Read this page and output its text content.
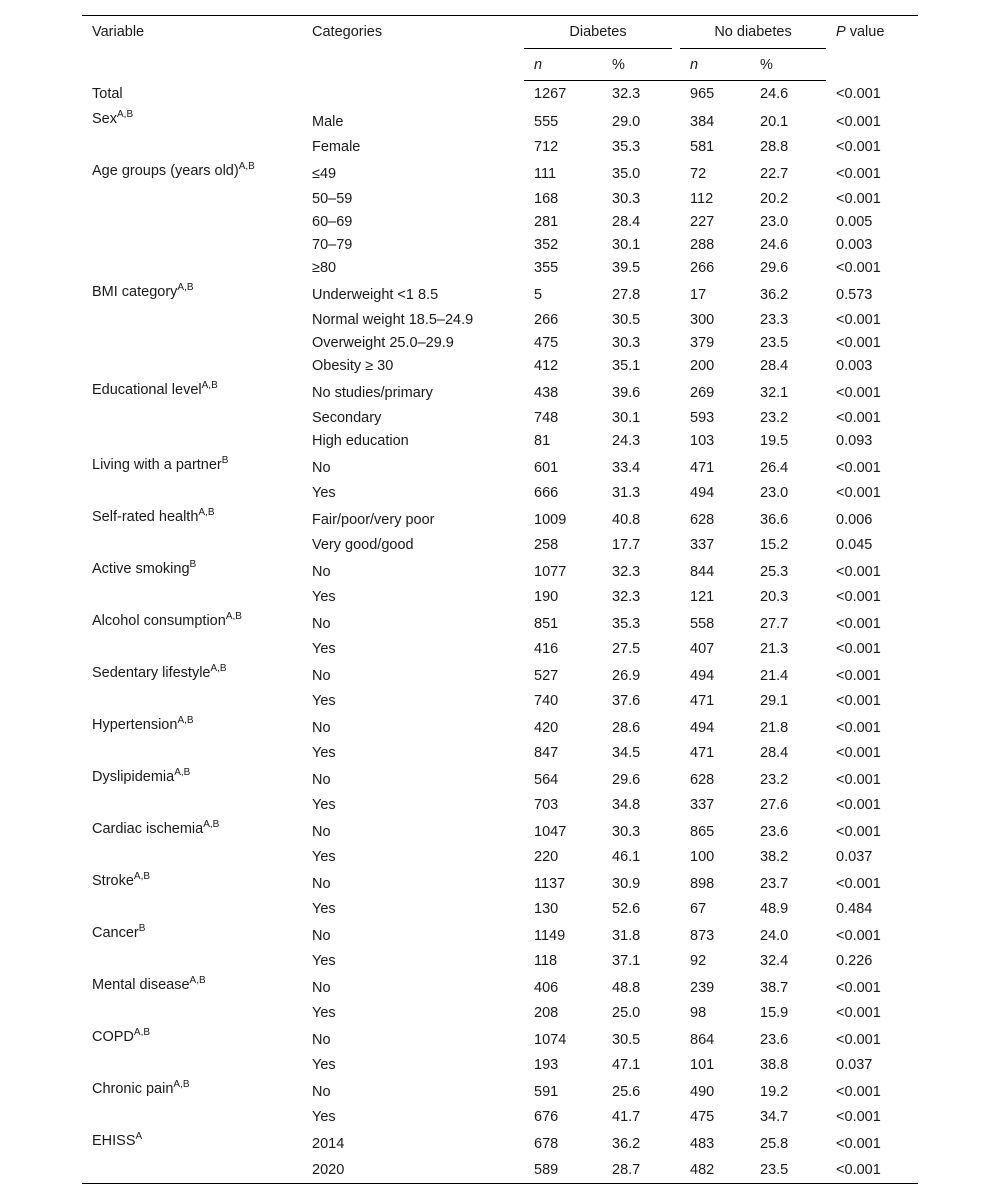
Variable	Categories	Diabetes		No diabetes		P value
		n	%	n	%	
Total		1267	32.3	965	24.6	<0.001
Sex$^{A,B}$	Male	555	29.0	384	20.1	<0.001
	Female	712	35.3	581	28.8	<0.001
Age groups (years old)$^{A,B}$	≤49	111	35.0	72	22.7	<0.001
	50–59	168	30.3	112	20.2	<0.001
	60–69	281	28.4	227	23.0	0.005
	70–79	352	30.1	288	24.6	0.003
	≥80	355	39.5	266	29.6	<0.001
BMI category$^{A,B}$	Underweight <1 8.5	5	27.8	17	36.2	0.573
	Normal weight 18.5–24.9	266	30.5	300	23.3	<0.001
	Overweight 25.0–29.9	475	30.3	379	23.5	<0.001
	Obesity ≥ 30	412	35.1	200	28.4	0.003
Educational level$^{A,B}$	No studies/primary	438	39.6	269	32.1	<0.001
	Secondary	748	30.1	593	23.2	<0.001
	High education	81	24.3	103	19.5	0.093
Living with a partner$^B$	No	601	33.4	471	26.4	<0.001
	Yes	666	31.3	494	23.0	<0.001
Self-rated health$^{A,B}$	Fair/poor/very poor	1009	40.8	628	36.6	0.006
	Very good/good	258	17.7	337	15.2	0.045
Active smoking$^B$	No	1077	32.3	844	25.3	<0.001
	Yes	190	32.3	121	20.3	<0.001
Alcohol consumption$^{A,B}$	No	851	35.3	558	27.7	<0.001
	Yes	416	27.5	407	21.3	<0.001
Sedentary lifestyle$^{A,B}$	No	527	26.9	494	21.4	<0.001
	Yes	740	37.6	471	29.1	<0.001
Hypertension$^{A,B}$	No	420	28.6	494	21.8	<0.001
	Yes	847	34.5	471	28.4	<0.001
Dyslipidemia$^{A,B}$	No	564	29.6	628	23.2	<0.001
	Yes	703	34.8	337	27.6	<0.001
Cardiac ischemia$^{A,B}$	No	1047	30.3	865	23.6	<0.001
	Yes	220	46.1	100	38.2	0.037
Stroke$^{A,B}$	No	1137	30.9	898	23.7	<0.001
	Yes	130	52.6	67	48.9	0.484
Cancer$^B$	No	1149	31.8	873	24.0	<0.001
	Yes	118	37.1	92	32.4	0.226
Mental disease$^{A,B}$	No	406	48.8	239	38.7	<0.001
	Yes	208	25.0	98	15.9	<0.001
$COPD^{A,B}$	No	1074	30.5	864	23.6	<0.001
	Yes	193	47.1	101	38.8	0.037
Chronic pain$^{A,B}$	No	591	25.6	490	19.2	<0.001
	Yes	676	41.7	475	34.7	<0.001
$EHISS^A$	2014	678	36.2	483	25.8	<0.001
	2020	589	28.7	482	23.5	<0.001
